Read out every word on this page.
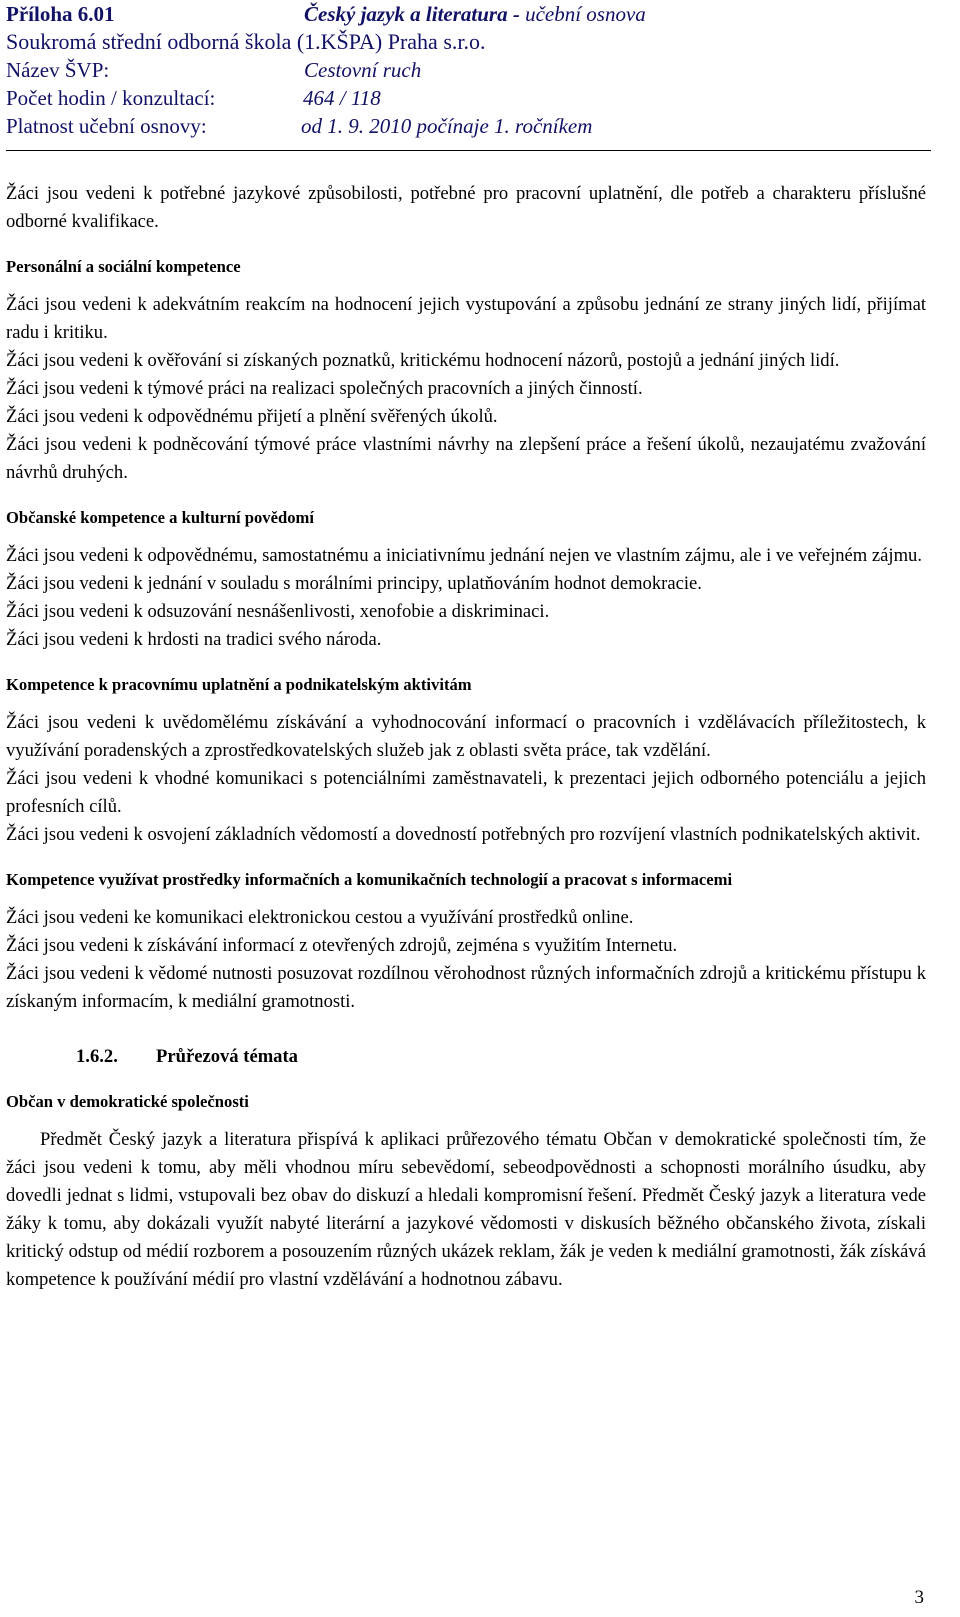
Příloha 6.01	Český jazyk a literatura - učební osnova
Soukromá střední odborná škola (1.KŠPA) Praha s.r.o.
Název ŠVP:	Cestovní ruch
Počet hodin / konzultací:	464 / 118
Platnost učební osnovy:	od 1. 9. 2010 počínaje 1. ročníkem

Žáci jsou vedeni k potřebné jazykové způsobilosti, potřebné pro pracovní uplatnění, dle potřeb a charakteru příslušné odborné kvalifikace.

Personální a sociální kompetence

Žáci jsou vedeni k adekvátním reakcím na hodnocení jejich vystupování a způsobu jednání ze strany jiných lidí, přijímat radu i kritiku.

Žáci jsou vedeni k ověřování si získaných poznatků, kritickému hodnocení názorů, postojů a jednání jiných lidí.

Žáci jsou vedeni k týmové práci na realizaci společných pracovních a jiných činností.

Žáci jsou vedeni k odpovědnému přijetí a plnění svěřených úkolů.

Žáci jsou vedeni k podněcování týmové práce vlastními návrhy na zlepšení práce a řešení úkolů, nezaujatému zvažování návrhů druhých.

Občanské kompetence a kulturní povědomí

Žáci jsou vedeni k odpovědnému, samostatnému a iniciativnímu jednání nejen ve vlastním zájmu, ale i ve veřejném zájmu.

Žáci jsou vedeni k jednání v souladu s morálními principy, uplatňováním hodnot demokracie.

Žáci jsou vedeni k odsuzování nesnášenlivosti, xenofobie a diskriminaci.

Žáci jsou vedeni k hrdosti na tradici svého národa.

Kompetence k pracovnímu uplatnění a podnikatelským aktivitám

Žáci jsou vedeni k uvědomělému získávání a vyhodnocování informací o pracovních i vzdělávacích příležitostech, k využívání poradenských a zprostředkovatelských služeb jak z oblasti světa práce, tak vzdělání.

Žáci jsou vedeni k vhodné komunikaci s potenciálními zaměstnavateli, k prezentaci jejich odborného potenciálu a jejich profesních cílů.

Žáci jsou vedeni k osvojení základních vědomostí a dovedností potřebných pro rozvíjení vlastních podnikatelských aktivit.

Kompetence využívat prostředky informačních a komunikačních technologií a pracovat s informacemi

Žáci jsou vedeni ke komunikaci elektronickou cestou a využívání prostředků online.

Žáci jsou vedeni k získávání informací z otevřených zdrojů, zejména s využitím Internetu.

Žáci jsou vedeni k vědomé nutnosti posuzovat rozdílnou věrohodnost různých informačních zdrojů a kritickému přístupu k získaným informacím, k mediální gramotnosti.

1.6.2. Průřezová témata

Občan v demokratické společnosti

Předmět Český jazyk a literatura přispívá k aplikaci průřezového tématu Občan v demokratické společnosti tím, že žáci jsou vedeni k tomu, aby měli vhodnou míru sebevědomí, sebeodpovědnosti a schopnosti morálního úsudku, aby dovedli jednat s lidmi, vstupovali bez obav do diskuzí a hledali kompromisní řešení. Předmět Český jazyk a literatura vede žáky k tomu, aby dokázali využít nabyté literární a jazykové vědomosti v diskusích běžného občanského života, získali kritický odstup od médií rozborem a posouzením různých ukázek reklam, žák je veden k mediální gramotnosti, žák získává kompetence k používání médií pro vlastní vzdělávání a hodnotnou zábavu.

3
